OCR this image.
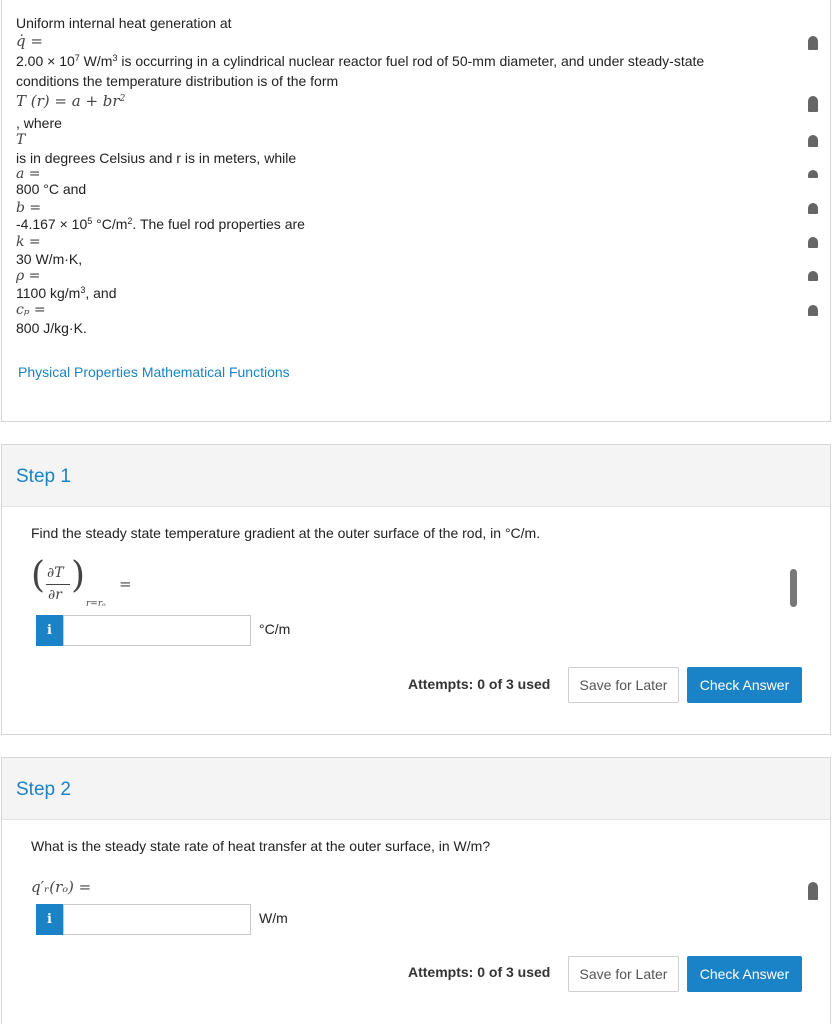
Uniform internal heat generation at
q̇ =
$2.00 \times 10^7$ $W/m^3$ is occurring in a cylindrical nuclear reactor fuel rod of 50-mm diameter, and under steady-state
conditions the temperature distribution is of the form
T $(r) = a + br^2$
, where
T
is in degrees Celsius and r is in meters, while
a =
800 °C and
b =
$-4.167 \times 10^5$ $^\circ C/m^2$. The fuel rod properties are
k =
30 W/m·K,
ρ =
1100 $kg/m^3$, and
cₚ =
800 J/kg·K.
Physical Properties Mathematical Functions
Step 1
Find the steady state temperature gradient at the outer surface of the rod, in °C/m.
( ∂T
∂r )
r=rₒ
=
i	°C/m
Attempts: 0 of 3 used	Save for Later	Check Answer
Step 2
What is the steady state rate of heat transfer at the outer surface, in W/m?
q′ᵣ(rₒ) =
i	W/m
Attempts: 0 of 3 used	Save for Later	Check Answer
